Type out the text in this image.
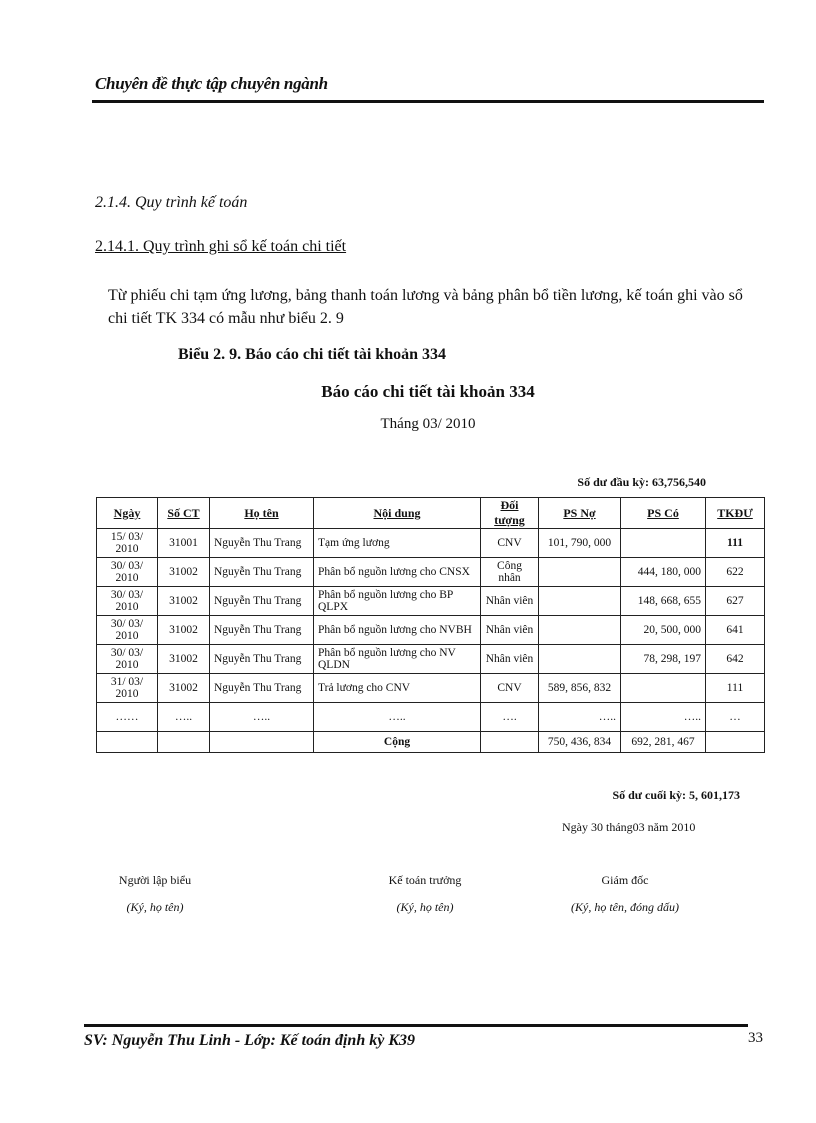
Chuyên đề thực tập chuyên ngành
2.1.4. Quy trình kế toán
2.14.1. Quy trình ghi sổ kế toán chi tiết
Từ phiếu chi tạm ứng lương, bảng thanh toán lương và bảng phân bổ tiền lương, kế toán ghi vào sổ chi tiết TK 334 có mẫu như biểu 2. 9
Biểu 2. 9. Báo cáo chi tiết tài khoản 334
Báo cáo chi tiết tài khoản 334
Tháng 03/ 2010
Số dư đầu kỳ: 63,756,540
Ngày	Số CT	Họ tên	Nội dung	Đối tượng	PS Nợ	PS Có	TKĐƯ
15/ 03/ 2010	31001	Nguyễn Thu Trang	Tạm ứng lương	CNV	101, 790, 000		111
30/ 03/ 2010	31002	Nguyễn Thu Trang	Phân bổ nguồn lương cho CNSX	Công nhân		444, 180, 000	622
30/ 03/ 2010	31002	Nguyễn Thu Trang	Phân bổ nguồn lương cho BP QLPX	Nhân viên		148, 668, 655	627
30/ 03/ 2010	31002	Nguyễn Thu Trang	Phân bổ nguồn lương cho NVBH	Nhân viên		20, 500, 000	641
30/ 03/ 2010	31002	Nguyễn Thu Trang	Phân bổ nguồn lương cho NV QLDN	Nhân viên		78, 298, 197	642
31/ 03/ 2010	31002	Nguyễn Thu Trang	Trả lương cho CNV	CNV	589, 856, 832		111
……	…..	…..	…..	….	…..	…..	…
			Cộng		750, 436, 834	692, 281, 467	
Số dư cuối kỳ: 5, 601,173
Ngày 30 tháng03 năm 2010
Người lập biểu
(Ký, họ tên)
Kế toán trưởng
(Ký, họ tên)
Giám đốc
(Ký, họ tên, đóng dấu)
SV: Nguyễn Thu Linh - Lớp: Kế toán định kỳ K39	33
